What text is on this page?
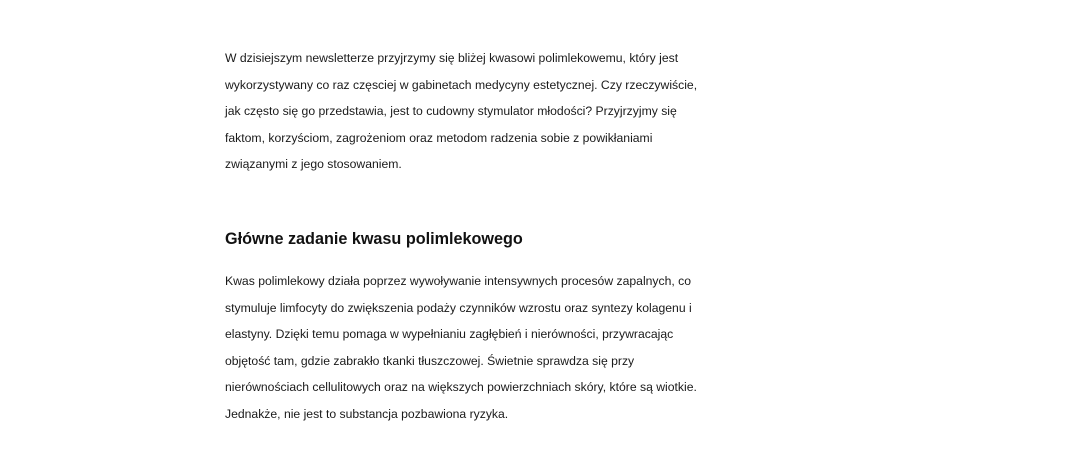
W dzisiejszym newsletterze przyjrzymy się bliżej kwasowi polimlekowemu, który jest
wykorzystywany co raz częsciej w gabinetach medycyny estetycznej. Czy rzeczywiście,
jak często się go przedstawia, jest to cudowny stymulator młodości? Przyjrzyjmy się
faktom, korzyściom, zagrożeniom oraz metodom radzenia sobie z powikłaniami
związanymi z jego stosowaniem.

Główne zadanie kwasu polimlekowego

Kwas polimlekowy działa poprzez wywoływanie intensywnych procesów zapalnych, co
stymuluje limfocyty do zwiększenia podaży czynników wzrostu oraz syntezy kolagenu i
elastyny. Dzięki temu pomaga w wypełnianiu zagłębień i nierówności, przywracając
objętość tam, gdzie zabrakło tkanki tłuszczowej. Świetnie sprawdza się przy
nierównościach cellulitowych oraz na większych powierzchniach skóry, które są wiotkie.
Jednakże, nie jest to substancja pozbawiona ryzyka.
